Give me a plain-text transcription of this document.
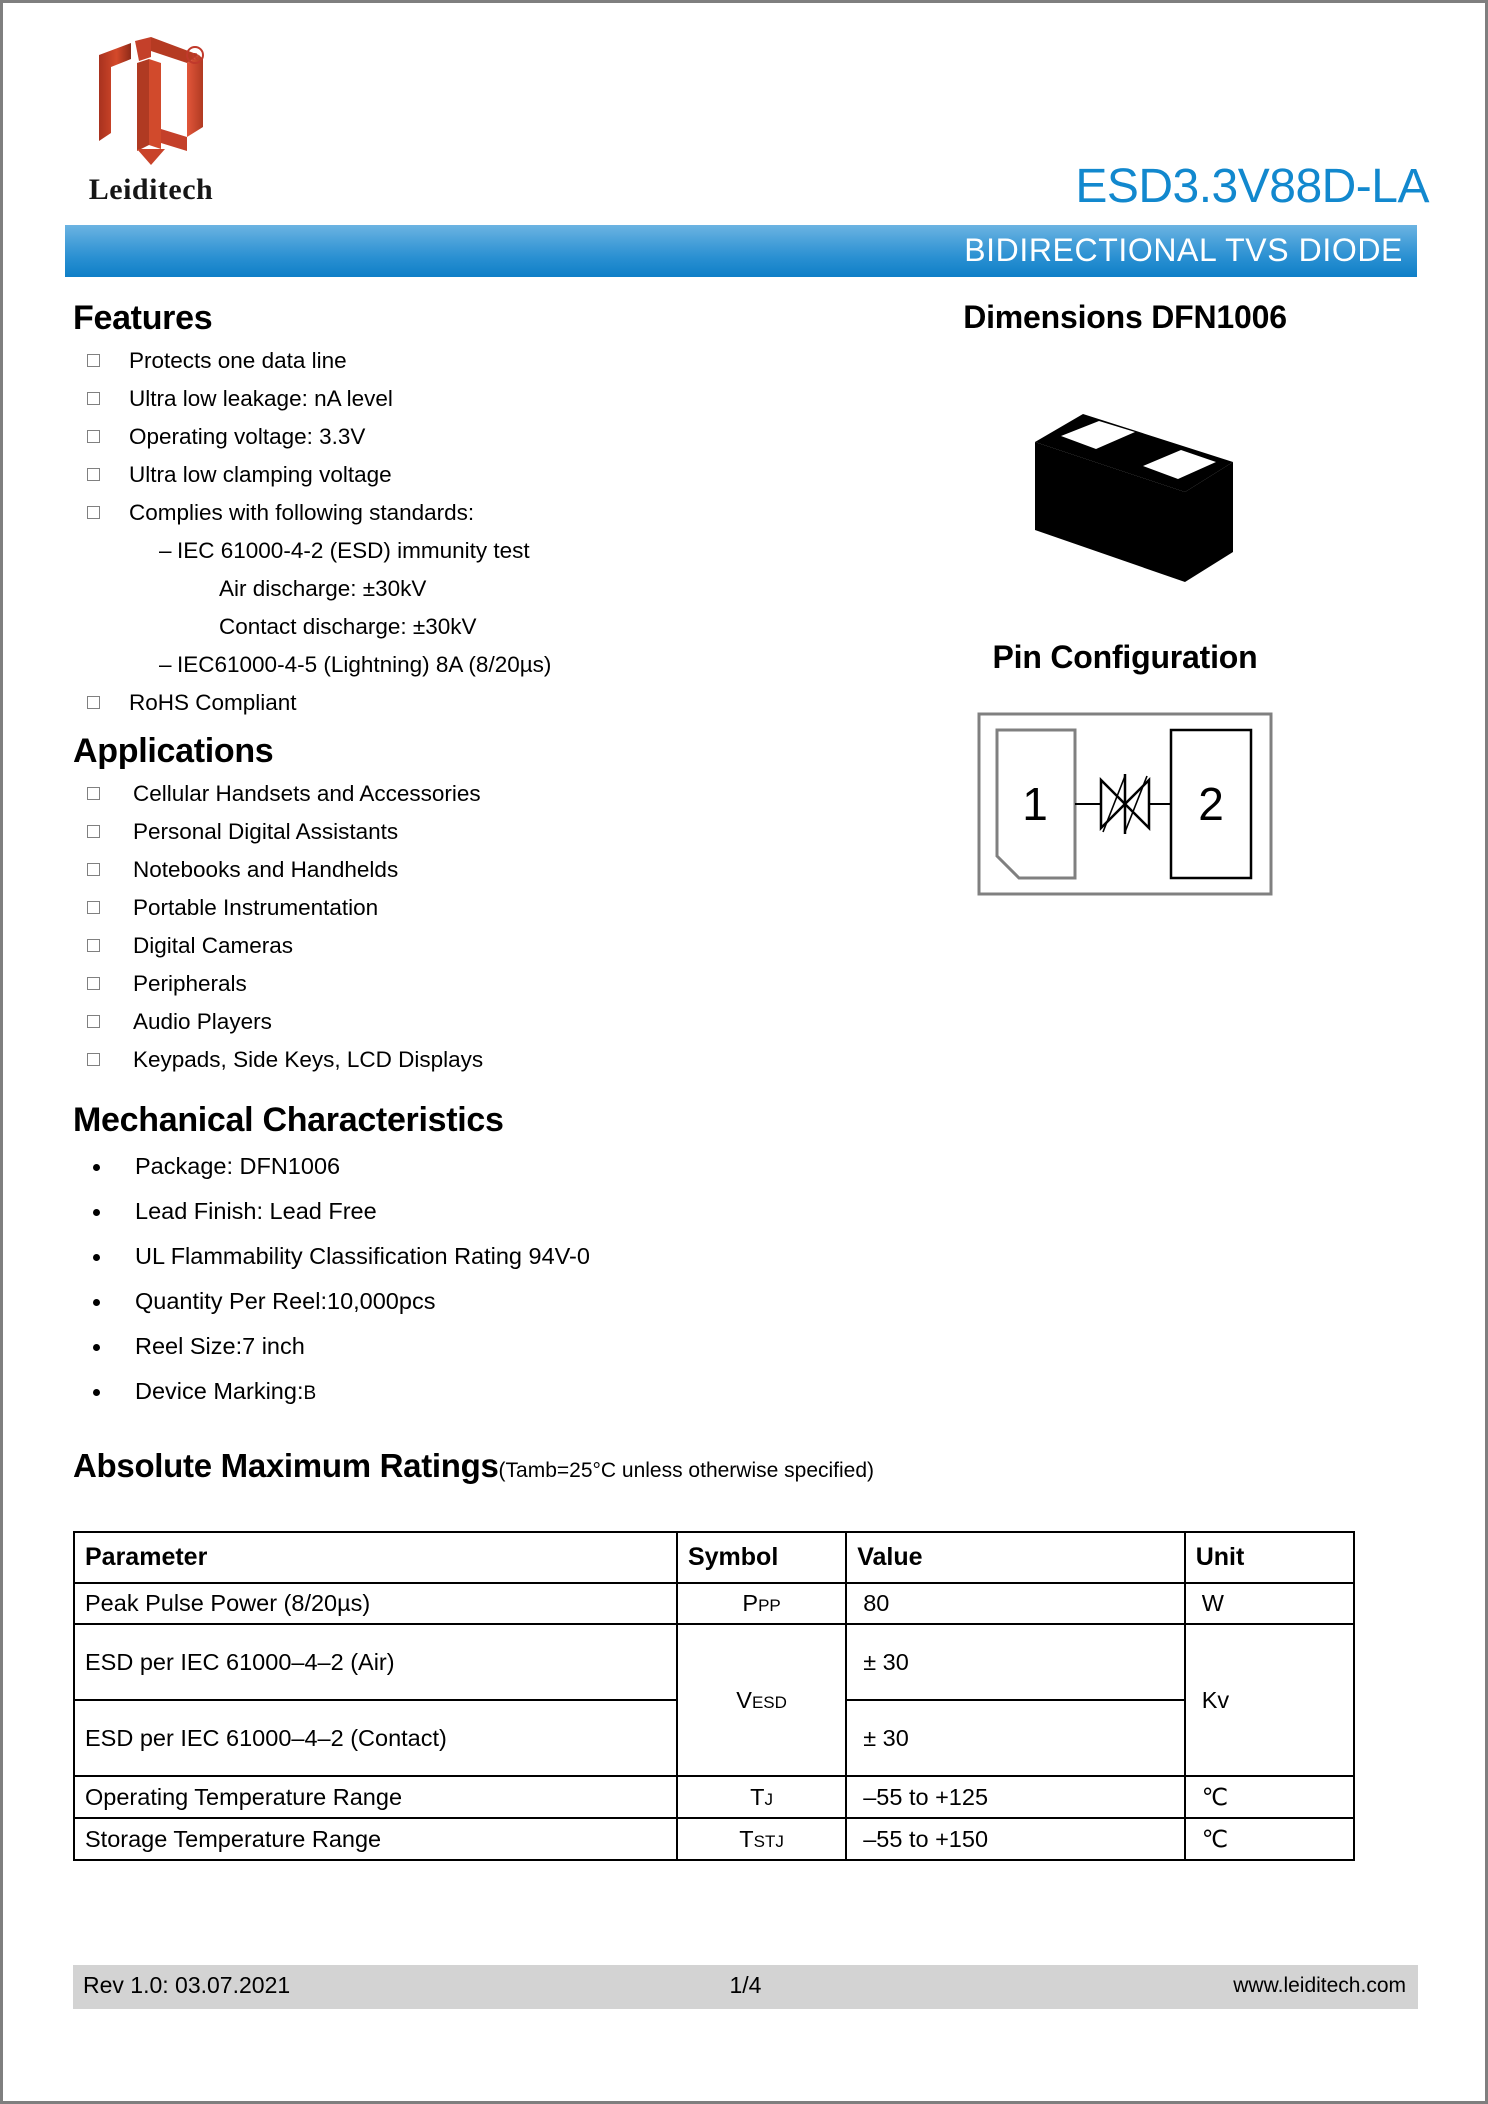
R
Leiditech	ESD3.3V88D-LA
BIDIRECTIONAL TVS DIODE
Features
Protects one data line
Ultra low leakage: nA level
Operating voltage: 3.3V
Ultra low clamping voltage
Complies with following standards:
– IEC 61000-4-2 (ESD) immunity test
Air discharge: ±30kV
Contact discharge: ±30kV
– IEC61000-4-5 (Lightning) 8A (8/20µs)
RoHS Compliant
Applications
Cellular Handsets and Accessories
Personal Digital Assistants
Notebooks and Handhelds
Portable Instrumentation
Digital Cameras
Peripherals
Audio Players
Keypads, Side Keys, LCD Displays
Mechanical Characteristics
Package: DFN1006
Lead Finish: Lead Free
UL Flammability Classification Rating 94V-0
Quantity Per Reel:10,000pcs
Reel Size:7 inch
Device Marking:B
Dimensions DFN1006
Pin Configuration
1	2
Absolute Maximum Ratings(Tamb=25°C unless otherwise specified)
Parameter	Symbol	Value	Unit
Peak Pulse Power (8/20µs)	PPP	80	W
ESD per IEC 61000–4–2 (Air)	VESD	± 30	Kv
ESD per IEC 61000–4–2 (Contact)		± 30	
Operating Temperature Range	TJ	–55 to +125	℃
Storage Temperature Range	TSTJ	–55 to +150	℃
Rev 1.0: 03.07.2021	1/4	www.leiditech.com
